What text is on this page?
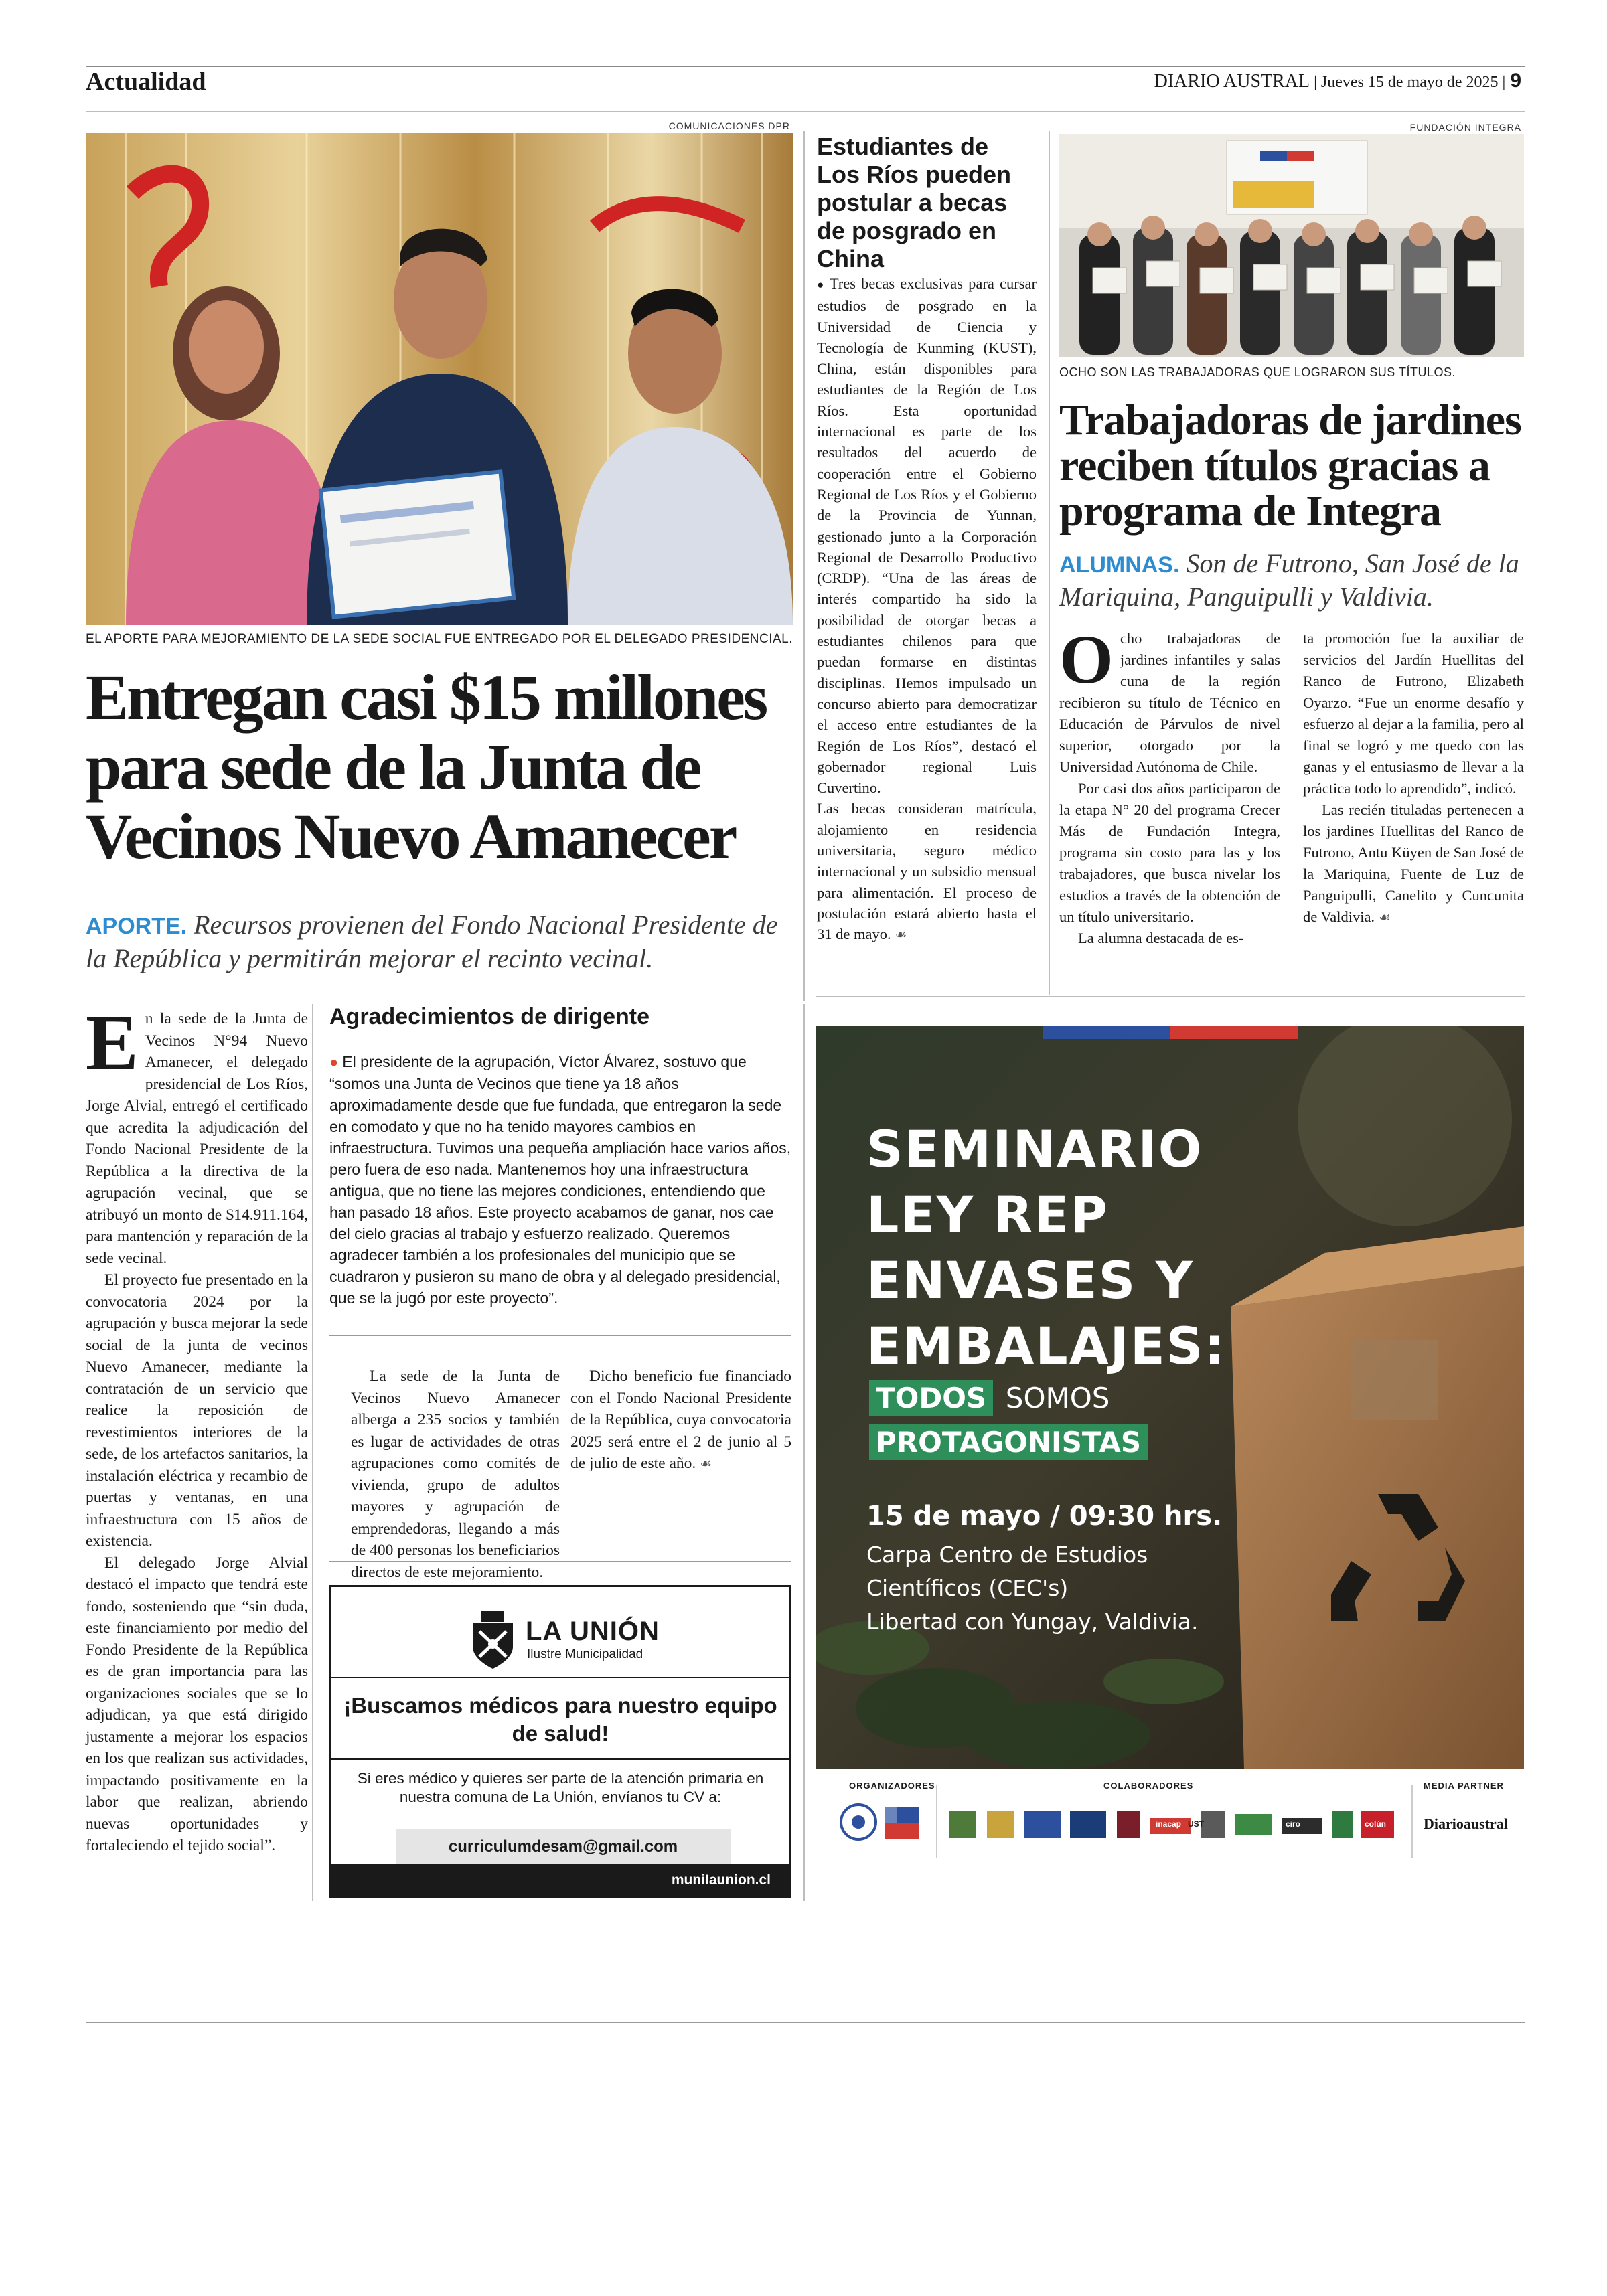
Actualidad	DIARIO AUSTRAL | Jueves 15 de mayo de 2025 | 9
COMUNICACIONES DPR
EL APORTE PARA MEJORAMIENTO DE LA SEDE SOCIAL FUE ENTREGADO POR EL DELEGADO PRESIDENCIAL.
Entregan casi $15 millones para sede de la Junta de Vecinos Nuevo Amanecer
APORTE. Recursos provienen del Fondo Nacional Presidente de la República y permitirán mejorar el recinto vecinal.

En la sede de la Junta de Vecinos N°94 Nuevo Amanecer, el delegado presidencial de Los Ríos, Jorge Alvial, entregó el certificado que acredita la adjudicación del Fondo Nacional Presidente de la República a la directiva de la agrupación vecinal, que se atribuyó un monto de $14.911.164, para mantención y reparación de la sede vecinal.

El proyecto fue presentado en la convocatoria 2024 por la agrupación y busca mejorar la sede social de la junta de vecinos Nuevo Amanecer, mediante la contratación de un servicio que realice la reposición de revestimientos interiores de la sede, de los artefactos sanitarios, la instalación eléctrica y recambio de puertas y ventanas, en una infraestructura con 15 años de existencia.

El delegado Jorge Alvial destacó el impacto que tendrá este fondo, sosteniendo que “sin duda, este financiamiento por medio del Fondo Presidente de la República es de gran importancia para las organizaciones sociales que se lo adjudican, ya que está dirigido justamente a mejorar los espacios en los que realizan sus actividades, impactando positivamente en la labor que realizan, abriendo nuevas oportunidades y fortaleciendo el tejido social”.

Agradecimientos de dirigente
● El presidente de la agrupación, Víctor Álvarez, sostuvo que “somos una Junta de Vecinos que tiene ya 18 años aproximadamente desde que fue fundada, que entregaron la sede en comodato y que no ha tenido mayores cambios en infraestructura. Tuvimos una pequeña ampliación hace varios años, pero fuera de eso nada. Mantenemos hoy una infraestructura antigua, que no tiene las mejores condiciones, entendiendo que han pasado 18 años. Este proyecto acabamos de ganar, nos cae del cielo gracias al trabajo y esfuerzo realizado. Queremos agradecer también a los profesionales del municipio que se cuadraron y pusieron su mano de obra y al delegado presidencial, que se la jugó por este proyecto”.

La sede de la Junta de Vecinos Nuevo Amanecer alberga a 235 socios y también es lugar de actividades de otras agrupaciones como comités de vivienda, grupo de adultos mayores y agrupación de emprendedoras, llegando a más de 400 personas los beneficiarios directos de este mejoramiento.

Dicho beneficio fue financiado con el Fondo Nacional Presidente de la República, cuya convocatoria 2025 será entre el 2 de junio al 5 de julio de este año. ☙

LA UNIÓN
Ilustre Municipalidad
¡Buscamos médicos para nuestro equipo de salud!
Si eres médico y quieres ser parte de la atención primaria en nuestra comuna de La Unión, envíanos tu CV a:
curriculumdesam@gmail.com
muniIaunion.cl
Estudiantes de Los Ríos pueden postular a becas de posgrado en China

● Tres becas exclusivas para cursar estudios de posgrado en la Universidad de Ciencia y Tecnología de Kunming (KUST), China, están disponibles para estudiantes de la Región de Los Ríos. Esta oportunidad internacional es parte de los resultados del acuerdo de cooperación entre el Gobierno Regional de Los Ríos y el Gobierno de la Provincia de Yunnan, gestionado junto a la Corporación Regional de Desarrollo Productivo (CRDP). “Una de las áreas de interés compartido ha sido la posibilidad de otorgar becas a estudiantes chilenos para que puedan formarse en distintas disciplinas. Hemos impulsado un concurso abierto para democratizar el acceso entre estudiantes de la Región de Los Ríos”, destacó el gobernador regional Luis Cuvertino.

Las becas consideran matrícula, alojamiento en residencia universitaria, seguro médico internacional y un subsidio mensual para alimentación. El proceso de postulación estará abierto hasta el 31 de mayo. ☙

FUNDACIÓN INTEGRA
OCHO SON LAS TRABAJADORAS QUE LOGRARON SUS TÍTULOS.
Trabajadoras de jardines reciben títulos gracias a programa de Integra
ALUMNAS. Son de Futrono, San José de la Mariquina, Panguipulli y Valdivia.

Ocho trabajadoras de jardines infantiles y salas cuna de la región recibieron su título de Técnico en Educación de Párvulos de nivel superior, otorgado por la Universidad Autónoma de Chile.

Por casi dos años participaron de la etapa N° 20 del programa Crecer Más de Fundación Integra, programa sin costo para las y los trabajadores, que busca nivelar los estudios a través de la obtención de un título universitario.

La alumna destacada de es-

ta promoción fue la auxiliar de servicios del Jardín Huellitas del Ranco de Futrono, Elizabeth Oyarzo. “Fue un enorme desafío y esfuerzo al dejar a la familia, pero al final se logró y me quedo con las ganas y el entusiasmo de llevar a la práctica todo lo aprendido”, indicó.

Las recién tituladas pertenecen a los jardines Huellitas del Ranco de Futrono, Antu Küyen de San José de la Mariquina, Fuente de Luz de Panguipulli, Canelito y Cuncunita de Valdivia. ☙

SEMINARIO
LEY REP
ENVASES Y
EMBALAJES:
TODOS SOMOS
PROTAGONISTAS
15 de mayo / 09:30 hrs.
Carpa Centro de Estudios
Científicos (CEC's)
Libertad con Yungay, Valdivia.
ORGANIZADORES	COLABORADORES	MEDIA PARTNER
UST
inacap	ciro	colún	Diarioaustral
